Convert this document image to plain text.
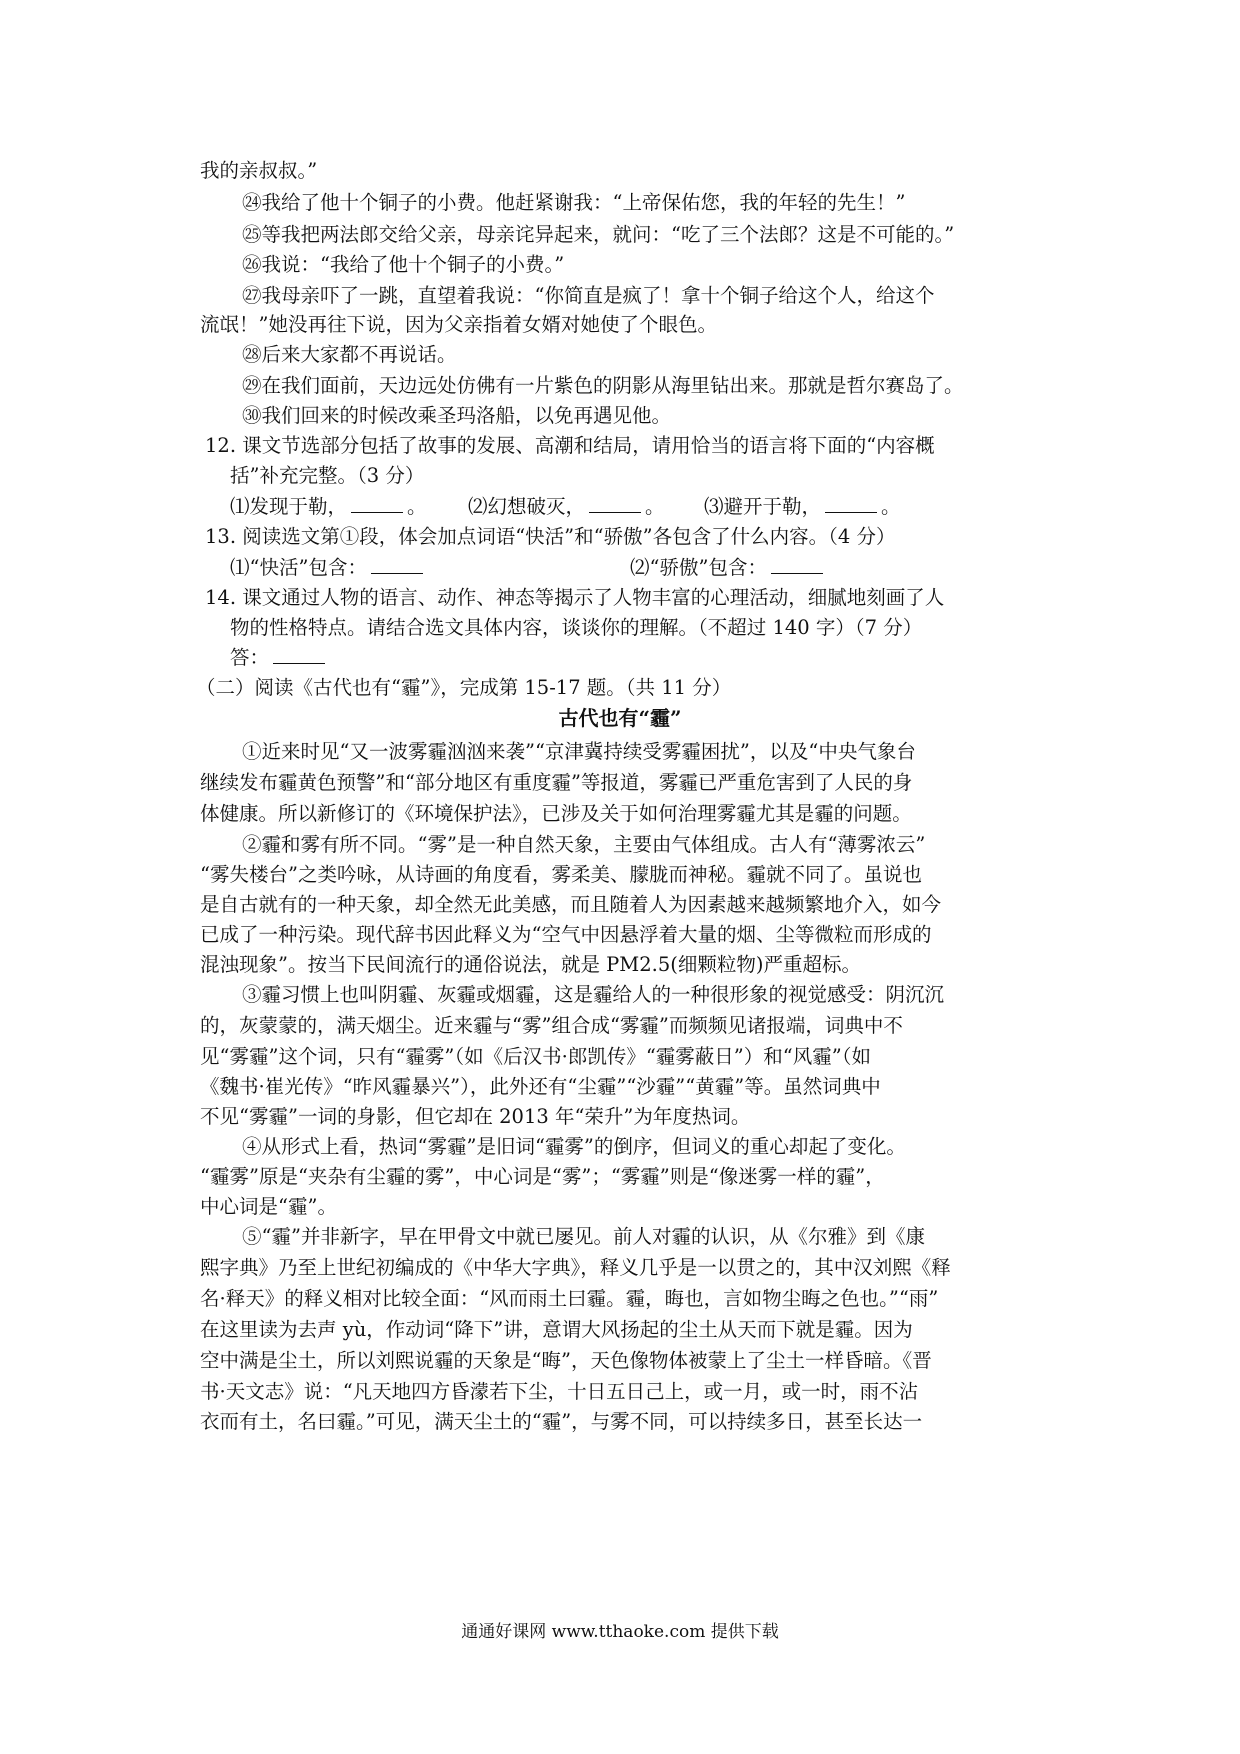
我的亲叔叔。”
㉔我给了他十个铜子的小费。他赶紧谢我：“上帝保佑您，我的年轻的先生！”
㉕等我把两法郎交给父亲，母亲诧异起来，就问：“吃了三个法郎？这是不可能的。”
㉖我说：“我给了他十个铜子的小费。”
㉗我母亲吓了一跳，直望着我说：“你简直是疯了！拿十个铜子给这个人，给这个
流氓！”她没再往下说，因为父亲指着女婿对她使了个眼色。
㉘后来大家都不再说话。
㉙在我们面前，天边远处仿佛有一片紫色的阴影从海里钻出来。那就是哲尔赛岛了。
㉚我们回来的时候改乘圣玛洛船，以免再遇见他。
12. 课文节选部分包括了故事的发展、高潮和结局，请用恰当的语言将下面的“内容概
括”补充完整。（3 分）
⑴发现于勒，	。 ⑵幻想破灭，	。 ⑶避开于勒，	。
13. 阅读选文第①段，体会加点词语“快活”和“骄傲”各包含了什么内容。（4 分）
⑴“快活”包含：	⑵“骄傲”包含：
14. 课文通过人物的语言、动作、神态等揭示了人物丰富的心理活动，细腻地刻画了人
物的性格特点。请结合选文具体内容，谈谈你的理解。（不超过 140 字）（7 分）
答：
（二）阅读《古代也有“霾”》，完成第 15-17 题。（共 11 分）
古代也有“霾”
①近来时见“又一波雾霾汹汹来袭”“京津冀持续受雾霾困扰”，以及“中央气象台
继续发布霾黄色预警”和“部分地区有重度霾”等报道，雾霾已严重危害到了人民的身
体健康。所以新修订的《环境保护法》，已涉及关于如何治理雾霾尤其是霾的问题。
②霾和雾有所不同。“雾”是一种自然天象，主要由气体组成。古人有“薄雾浓云”
“雾失楼台”之类吟咏，从诗画的角度看，雾柔美、朦胧而神秘。霾就不同了。虽说也
是自古就有的一种天象，却全然无此美感，而且随着人为因素越来越频繁地介入，如今
已成了一种污染。现代辞书因此释义为“空气中因悬浮着大量的烟、尘等微粒而形成的
混浊现象”。按当下民间流行的通俗说法，就是 PM2.5(细颗粒物)严重超标。
③霾习惯上也叫阴霾、灰霾或烟霾，这是霾给人的一种很形象的视觉感受：阴沉沉
的，灰蒙蒙的，满天烟尘。近来霾与“雾”组合成“雾霾”而频频见诸报端，词典中不
见“雾霾”这个词，只有“霾雾”（如《后汉书·郎凯传》“霾雾蔽日”）和“风霾”（如
《魏书·崔光传》“昨风霾暴兴”），此外还有“尘霾”“沙霾”“黄霾”等。虽然词典中
不见“雾霾”一词的身影，但它却在 2013 年“荣升”为年度热词。
④从形式上看，热词“雾霾”是旧词“霾雾”的倒序，但词义的重心却起了变化。
“霾雾”原是“夹杂有尘霾的雾”，中心词是“雾”；“雾霾”则是“像迷雾一样的霾”，
中心词是“霾”。
⑤“霾”并非新字，早在甲骨文中就已屡见。前人对霾的认识，从《尔雅》到《康
熙字典》乃至上世纪初编成的《中华大字典》，释义几乎是一以贯之的，其中汉刘熙《释
名·释天》的释义相对比较全面：“风而雨土曰霾。霾，晦也，言如物尘晦之色也。”“雨”
在这里读为去声 yù，作动词“降下”讲，意谓大风扬起的尘土从天而下就是霾。因为
空中满是尘土，所以刘熙说霾的天象是“晦”，天色像物体被蒙上了尘土一样昏暗。《晋
书·天文志》说：“凡天地四方昏濛若下尘，十日五日己上，或一月，或一时，雨不沾
衣而有土，名曰霾。”可见，满天尘土的“霾”，与雾不同，可以持续多日，甚至长达一
通通好课网 www.tthaoke.com 提供下载
